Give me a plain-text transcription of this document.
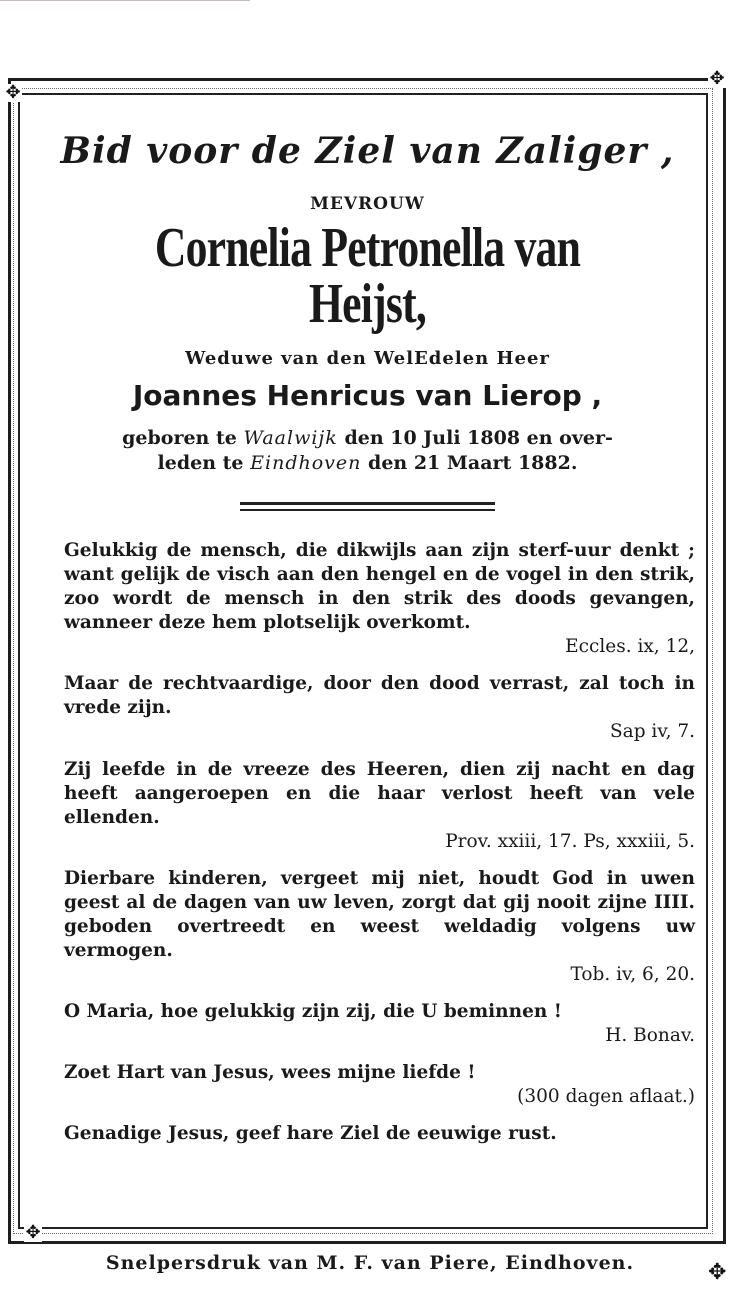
✥
✥
✥
✥
Bid voor de Ziel van Zaliger ,
MEVROUW
Cornelia Petronella van Heijst,
Weduwe van den WelEdelen Heer
Joannes Henricus van Lierop ,
geboren te Waalwijk den 10 Juli 1808 en over-
leden te Eindhoven den 21 Maart 1882.
Gelukkig de mensch, die dikwijls aan zijn sterf-uur denkt ; want gelijk de visch aan den hengel en de vogel in den strik, zoo wordt de mensch in den strik des doods gevangen, wanneer deze hem plotselijk overkomt.
Eccles. ix, 12,
Maar de rechtvaardige, door den dood verrast, zal toch in vrede zijn.
Sap iv, 7.
Zij leefde in de vreeze des Heeren, dien zij nacht en dag heeft aangeroepen en die haar verlost heeft van vele ellenden.
Prov. xxiii, 17. Ps, xxxiii, 5.
Dierbare kinderen, vergeet mij niet, houdt God in uwen geest al de dagen van uw leven, zorgt dat gij nooit zijne IIII. geboden overtreedt en weest weldadig volgens uw vermogen.
Tob. iv, 6, 20.
O Maria, hoe gelukkig zijn zij, die U beminnen !
H. Bonav.
Zoet Hart van Jesus, wees mijne liefde !
(300 dagen aflaat.)
Genadige Jesus, geef hare Ziel de eeuwige rust.
Snelpersdruk van M. F. van Piere, Eindhoven.
